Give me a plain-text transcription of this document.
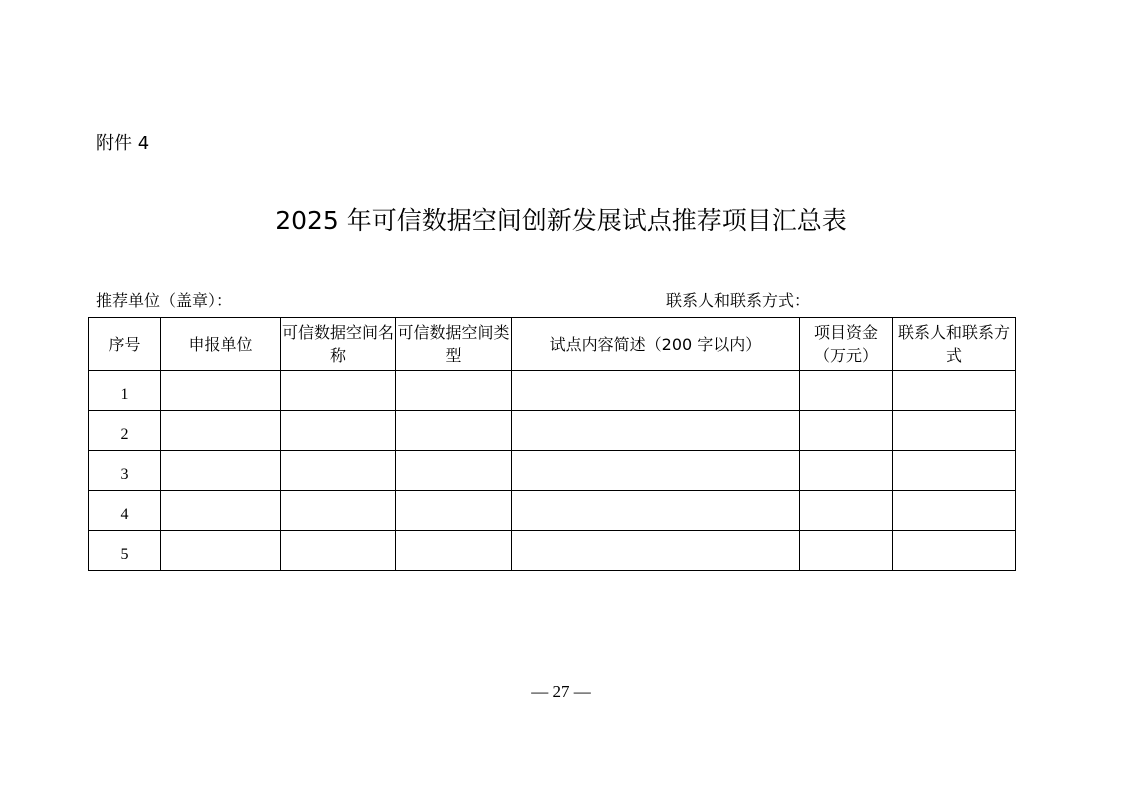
附件 4
2025 年可信数据空间创新发展试点推荐项目汇总表
推荐单位（盖章）：	联系人和联系方式：
序号	申报单位	可信数据空间名称	可信数据空间类型	试点内容简述（200 字以内）	项目资金（万元）	联系人和联系方式
1						
2						
3						
4						
5						
— 27 —
